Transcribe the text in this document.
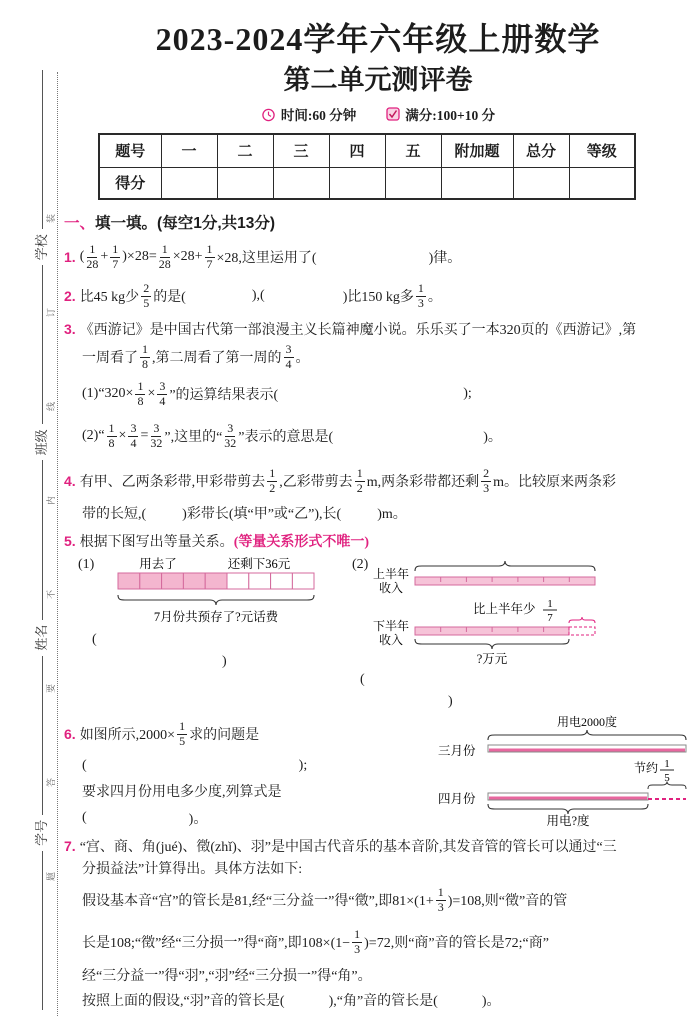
学号
姓名
班级
学校
装
订
线
内
不
要
答
题
2023-2024学年六年级上册数学
第二单元测评卷
时间:60 分钟	满分:100+10 分
题号	一	二	三	四	五	附加题	总分	等级
得分								
一、填一填。(每空1分,共13分)
1. ( $\frac{1}{28} + \frac{1}{7} )\times 28= \frac{1}{28} \times 28+ \frac{1}{7} \times 28$,这里运用了(	)律。
2. 比45 kg少 $\frac{2}{5}$ 的是(	),(	)比150 kg多 $\frac{1}{3}$ 。
3. 《西游记》是中国古代第一部浪漫主义长篇神魔小说。乐乐买了一本320页的《西游记》,第
一周看了 $\frac{1}{8}$ ,第二周看了第一周的 $\frac{3}{4}$ 。
(1)“320× $\frac{1}{8} \times \frac{3}{4}$ ”的运算结果表示(	);
(2)“ $\frac{1}{8} \times \frac{3}{4} = \frac{3}{32}$ ”,这里的“ $\frac{3}{32}$ ”表示的意思是(	)。
4. 有甲、乙两条彩带,甲彩带剪去 $\frac{1}{2}$ ,乙彩带剪去 $\frac{1}{2} m$,两条彩带都还剩 $\frac{2}{3}$ m。比较原来两条彩
带的长短,(	)彩带长(填“甲”或“乙”),长(	)m。
5. 根据下图写出等量关系。 (等量关系形式不唯一)
(1)	用去了	还剩下36元
7月份共预存了?元话费
(
)
(2)
上半年
收入
比上半年少 1
7
下半年
收入
?万元
(
)
6. 如图所示$,2000\times \frac{1}{5}$ 求的问题是
(	);
要求四月份用电多少度,列算式是
(	)。
用电2000度
三月份
节约 1
5
四月份
用电?度
7. “宫、商、角(jué)、徵(zhǐ)、羽”是中国古代音乐的基本音阶,其发音管的管长可以通过“三
分损益法”计算得出。具体方法如下:
假设基本音“宫”的管长是81,经“三分益一”得“徵”,即$81\times(1+ \frac{1}{3} )=108$,则“徵”音的管
长是108;“徵”经“三分损一”得“商”,即$108\times(1- \frac{1}{3} )=72$,则“商”音的管长是72;“商”
经“三分益一”得“羽”,“羽”经“三分损一”得“角”。
按照上面的假设,“羽”音的管长是(	),“角”音的管长是(	)。
